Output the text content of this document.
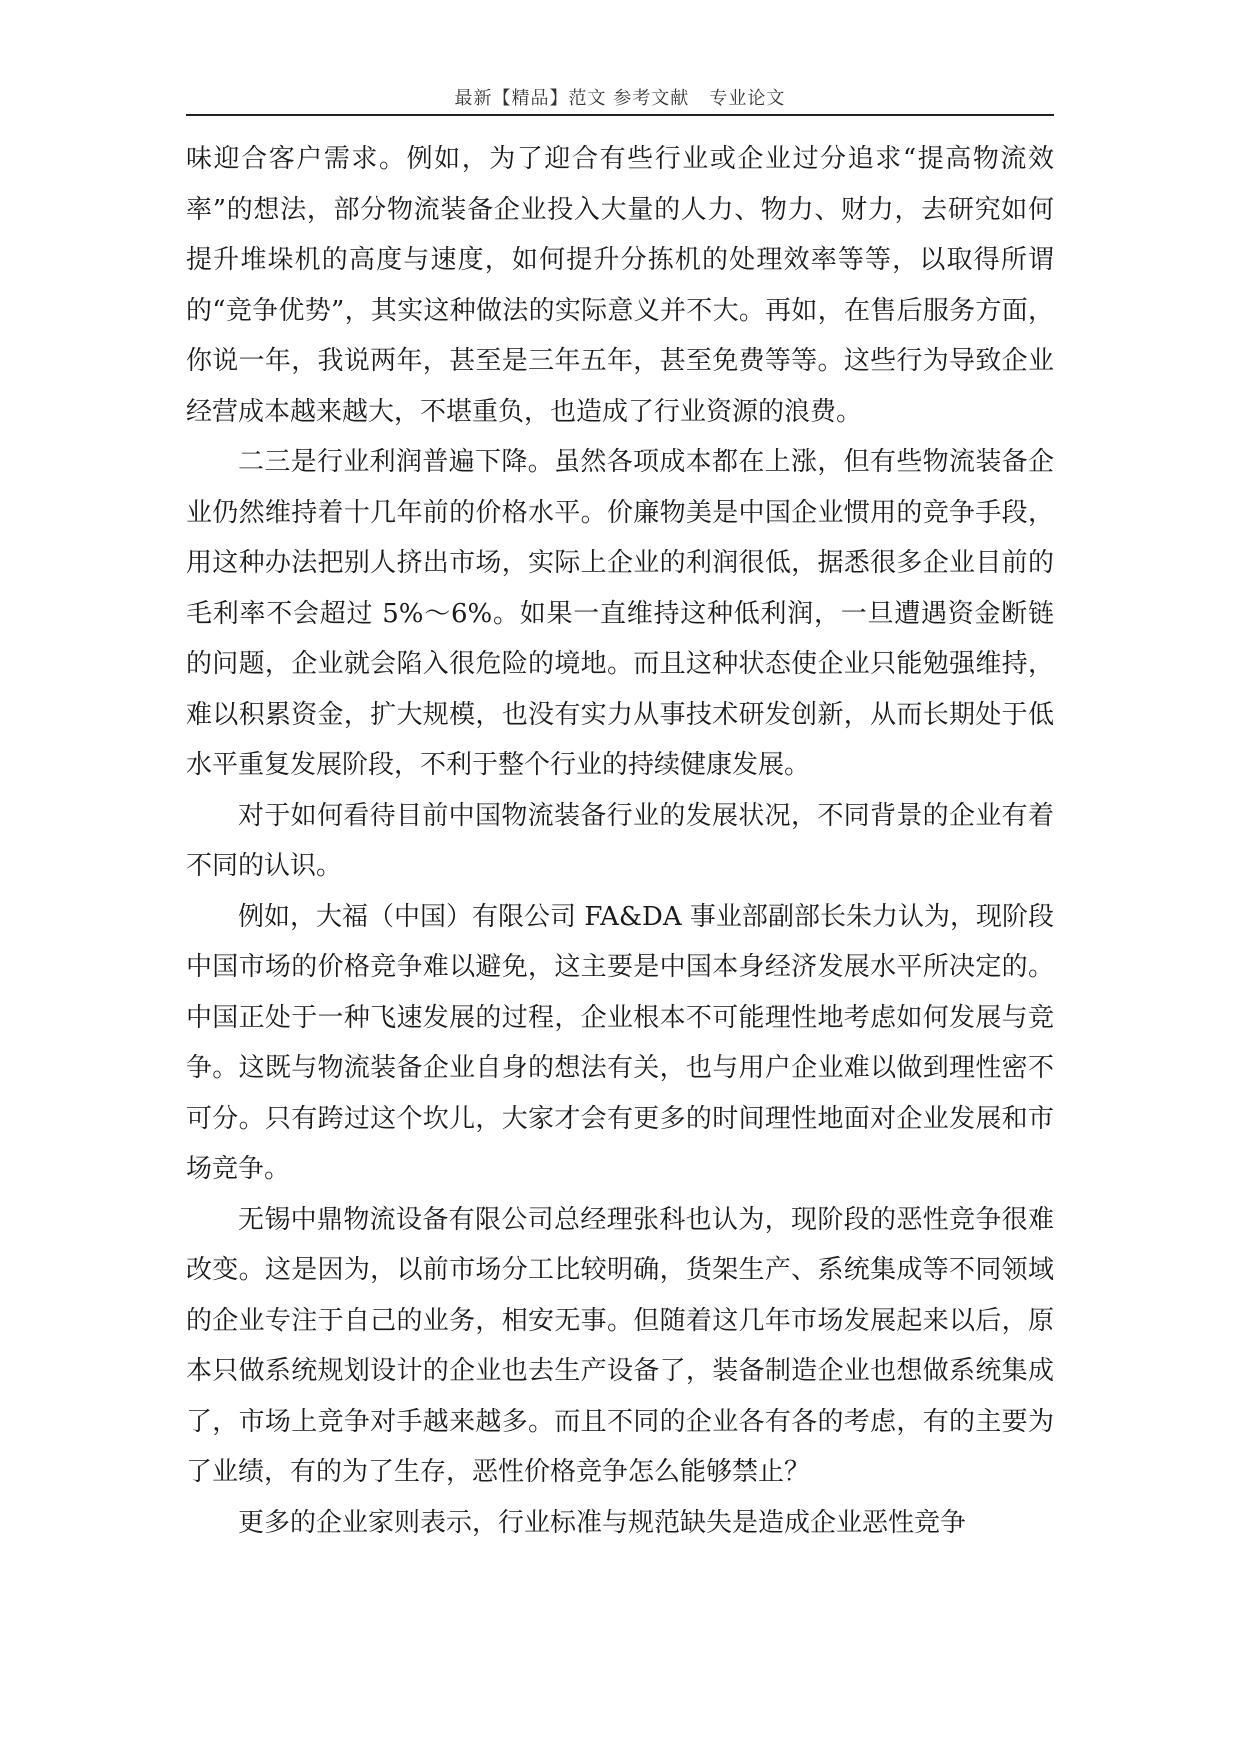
最新【精品】范文 参考文献   专业论文

味迎合客户需求。例如，为了迎合有些行业或企业过分追求“提高物流效率”的想法，部分物流装备企业投入大量的人力、物力、财力，去研究如何提升堆垛机的高度与速度，如何提升分拣机的处理效率等等，以取得所谓的“竞争优势”，其实这种做法的实际意义并不大。再如，在售后服务方面，你说一年，我说两年，甚至是三年五年，甚至免费等等。这些行为导致企业经营成本越来越大，不堪重负，也造成了行业资源的浪费。

二三是行业利润普遍下降。虽然各项成本都在上涨，但有些物流装备企业仍然维持着十几年前的价格水平。价廉物美是中国企业惯用的竞争手段，用这种办法把别人挤出市场，实际上企业的利润很低，据悉很多企业目前的毛利率不会超过 5%～6%。如果一直维持这种低利润，一旦遭遇资金断链的问题，企业就会陷入很危险的境地。而且这种状态使企业只能勉强维持，难以积累资金，扩大规模，也没有实力从事技术研发创新，从而长期处于低水平重复发展阶段，不利于整个行业的持续健康发展。

对于如何看待目前中国物流装备行业的发展状况，不同背景的企业有着不同的认识。

例如，大福（中国）有限公司 FA&DA 事业部副部长朱力认为，现阶段中国市场的价格竞争难以避免，这主要是中国本身经济发展水平所决定的。中国正处于一种飞速发展的过程，企业根本不可能理性地考虑如何发展与竞争。这既与物流装备企业自身的想法有关，也与用户企业难以做到理性密不可分。只有跨过这个坎儿，大家才会有更多的时间理性地面对企业发展和市场竞争。

无锡中鼎物流设备有限公司总经理张科也认为，现阶段的恶性竞争很难改变。这是因为，以前市场分工比较明确，货架生产、系统集成等不同领域的企业专注于自己的业务，相安无事。但随着这几年市场发展起来以后，原本只做系统规划设计的企业也去生产设备了，装备制造企业也想做系统集成了，市场上竞争对手越来越多。而且不同的企业各有各的考虑，有的主要为了业绩，有的为了生存，恶性价格竞争怎么能够禁止？

更多的企业家则表示，行业标准与规范缺失是造成企业恶性竞争
